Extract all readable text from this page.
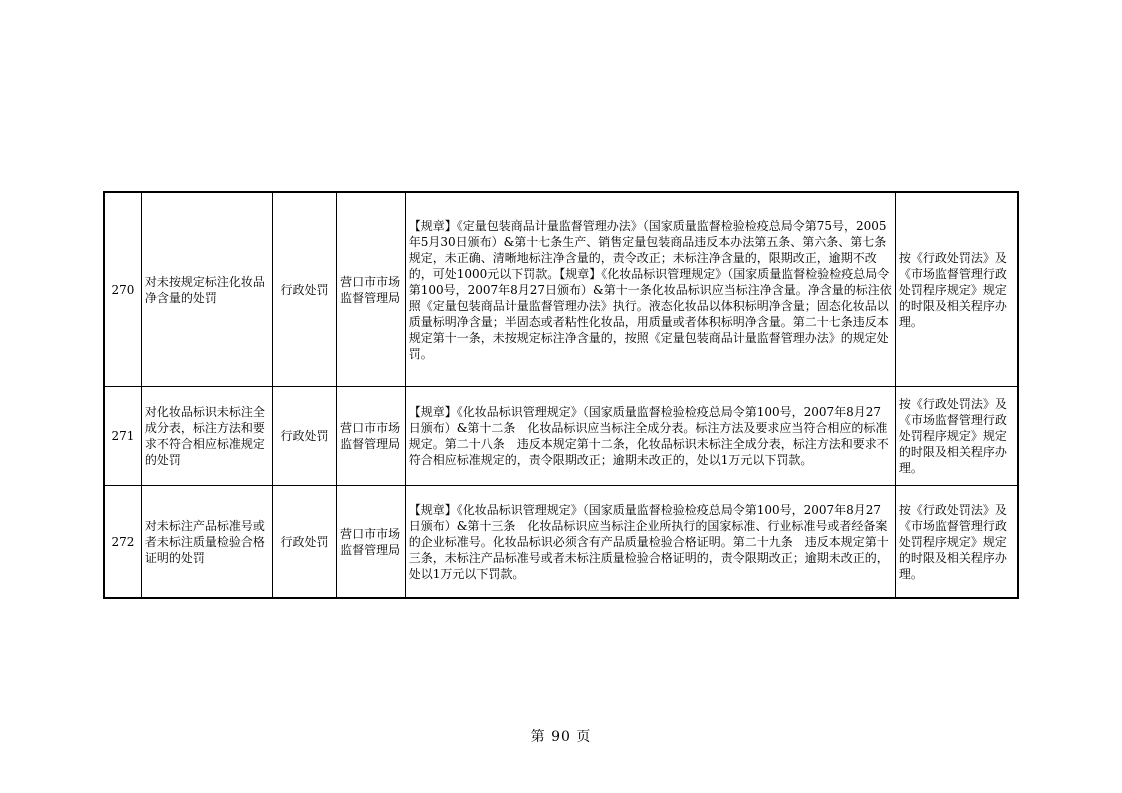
270	对未按规定标注化妆品净含量的处罚	行政处罚	营口市市场监督管理局	【规章】《定量包装商品计量监督管理办法》（国家质量监督检验检疫总局令第75号，2005年5月30日颁布）&第十七条生产、销售定量包装商品违反本办法第五条、第六条、第七条规定，未正确、清晰地标注净含量的，责令改正；未标注净含量的，限期改正，逾期不改的，可处1000元以下罚款。【规章】《化妆品标识管理规定》（国家质量监督检验检疫总局令第100号，2007年8月27日颁布）&第十一条化妆品标识应当标注净含量。净含量的标注依照《定量包装商品计量监督管理办法》执行。液态化妆品以体积标明净含量；固态化妆品以质量标明净含量；半固态或者粘性化妆品，用质量或者体积标明净含量。第二十七条违反本规定第十一条，未按规定标注净含量的，按照《定量包装商品计量监督管理办法》的规定处罚。	按《行政处罚法》及《市场监督管理行政处罚程序规定》规定的时限及相关程序办理。
271	对化妆品标识未标注全成分表，标注方法和要求不符合相应标准规定的处罚	行政处罚	营口市市场监督管理局	【规章】《化妆品标识管理规定》（国家质量监督检验检疫总局令第100号，2007年8月27日颁布）&第十二条　化妆品标识应当标注全成分表。标注方法及要求应当符合相应的标准规定。第二十八条　违反本规定第十二条，化妆品标识未标注全成分表，标注方法和要求不符合相应标准规定的，责令限期改正；逾期未改正的，处以1万元以下罚款。	按《行政处罚法》及《市场监督管理行政处罚程序规定》规定的时限及相关程序办理。
272	对未标注产品标准号或者未标注质量检验合格证明的处罚	行政处罚	营口市市场监督管理局	【规章】《化妆品标识管理规定》（国家质量监督检验检疫总局令第100号，2007年8月27日颁布）&第十三条　化妆品标识应当标注企业所执行的国家标准、行业标准号或者经备案的企业标准号。化妆品标识必须含有产品质量检验合格证明。第二十九条　违反本规定第十三条，未标注产品标准号或者未标注质量检验合格证明的，责令限期改正；逾期未改正的，处以1万元以下罚款。	按《行政处罚法》及《市场监督管理行政处罚程序规定》规定的时限及相关程序办理。
第 90 页
